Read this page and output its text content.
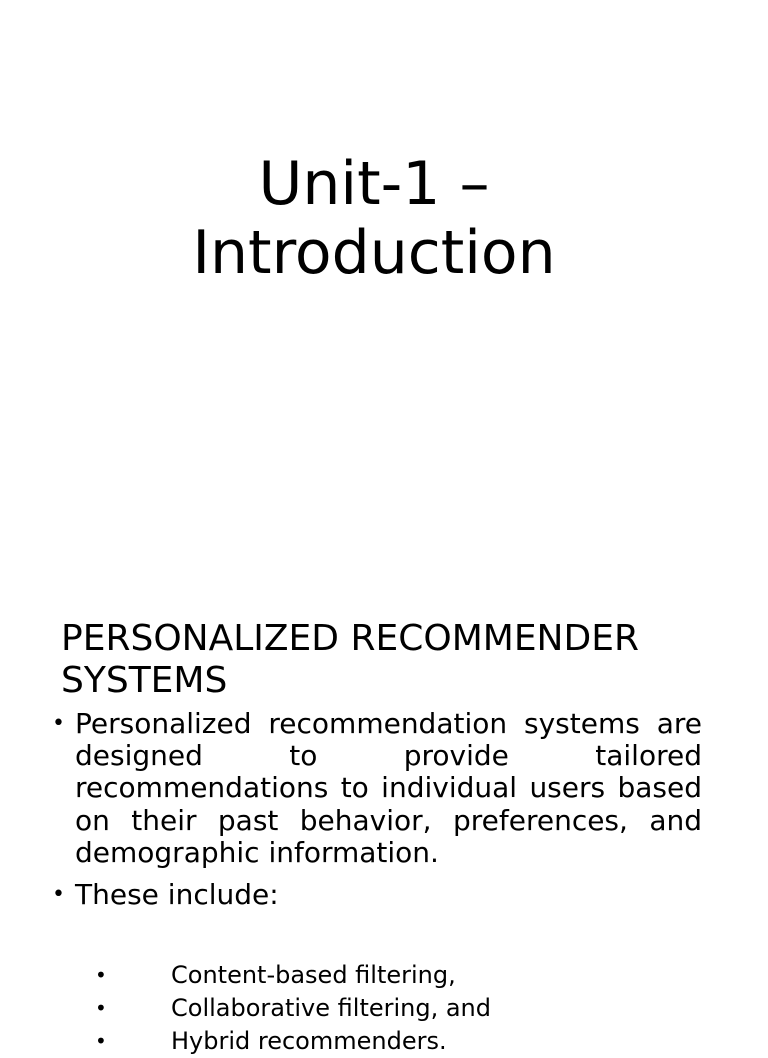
Unit-1 –
Introduction
PERSONALIZED RECOMMENDER
SYSTEMS
• Personalized recommendation systems are designed to provide tailored recommendations to individual users based on their past behavior, preferences, and demographic information.
• These include:
•	Content-based filtering,
•	Collaborative filtering, and
•	Hybrid recommenders.
